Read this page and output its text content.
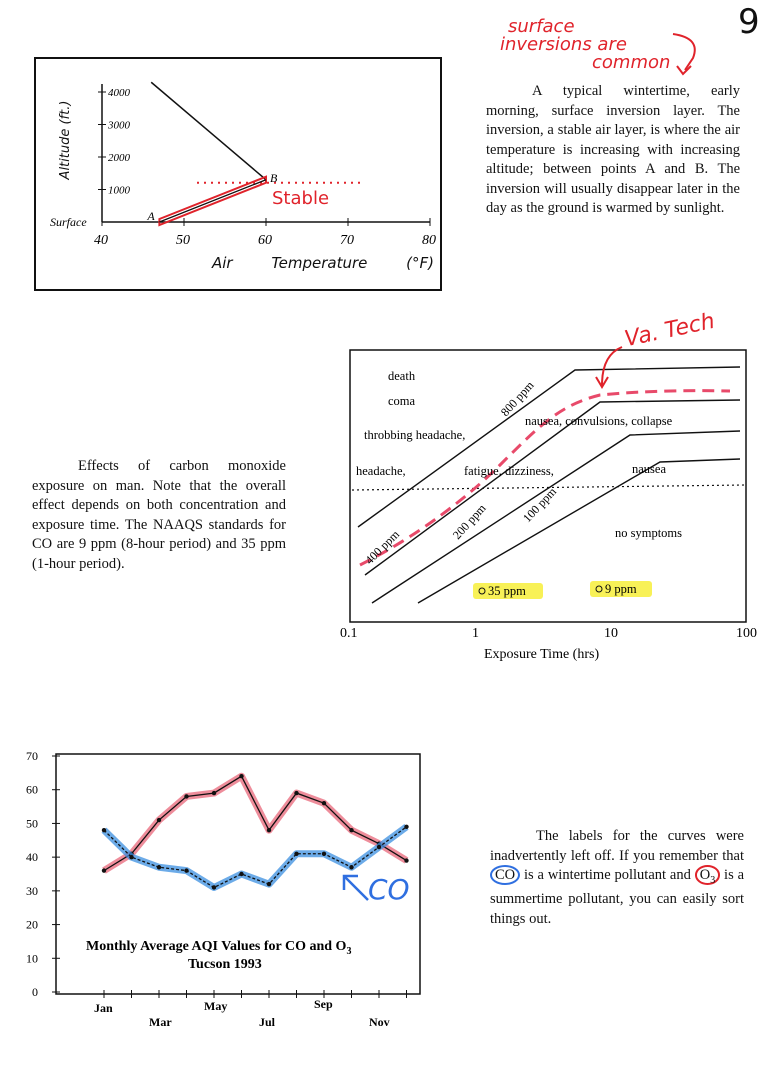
9
Surface
1000
2000
3000
4000
40	50	60	70	80
A
B
Altitude (ft.)
Air Temperature (°F)
Stable
surface
inversions are
common
A typical wintertime, early morning, surface inversion layer. The inversion, a stable air layer, is where the air temperature is increasing with increasing altitude; between points A and B. The inversion will usually disappear later in the day as the ground is warmed by sunlight.
Effects of carbon monoxide exposure on man. Note that the overall effect depends on both concentration and exposure time. The NAAQS standards for CO are 9 ppm (8-hour period) and 35 ppm (1-hour period).
Va. Tech
death
coma
throbbing headache,
nausea, convulsions, collapse
headache,	fatigue, dizziness,	nausea
no symptoms
800 ppm
400 ppm
200 ppm	100 ppm
35 ppm	9 ppm
0.1	1	10	100
Exposure Time (hrs)
0
10
20
30
40
50
60
70
Jan
Mar
May
Jul
Sep
Nov
Monthly Average AQI Values for CO and $O_3$
Tucson 1993
CO
The labels for the curves were inadvertently left off. If you remember that CO is a wintertime pollutant and $O_3$ is a summertime pollutant, you can easily sort things out.
